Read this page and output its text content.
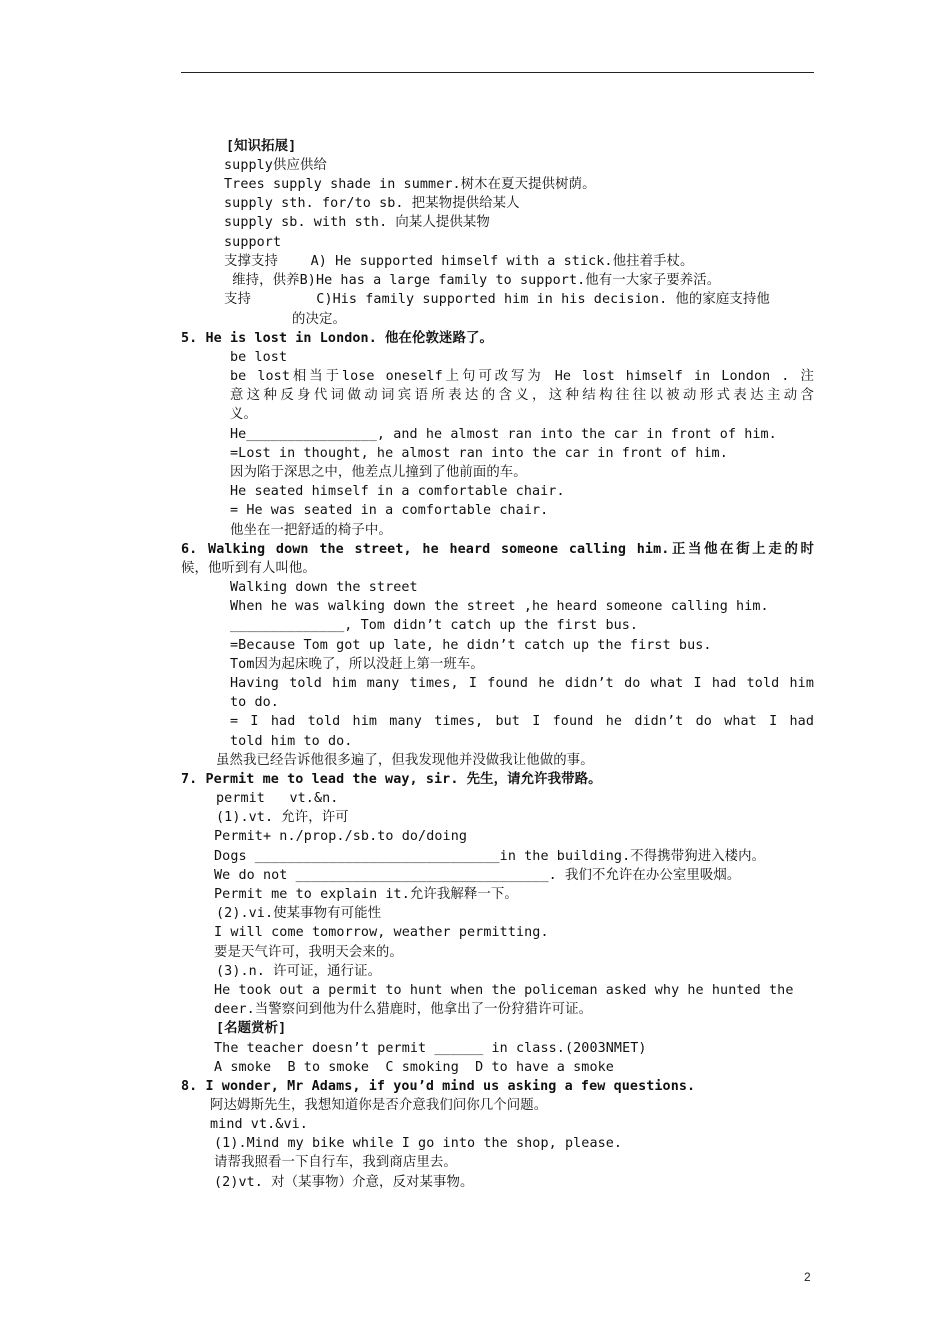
[知识拓展]
supply供应供给
Trees supply shade in summer.树木在夏天提供树荫。
supply sth. for/to sb. 把某物提供给某人
supply sb. with sth. 向某人提供某物
support
支撑支持    A) He supported himself with a stick.他拄着手杖。
维持，供养B)He has a large family to support.他有一大家子要养活。
支持        C)His family supported him in his decision. 他的家庭支持他
的决定。
5. He is lost in London. 他在伦敦迷路了。
be lost
be lost相当于lose oneself上句可改写为 He lost himself in London . 注
意这种反身代词做动词宾语所表达的含义，这种结构往往以被动形式表达主动含
义。
He________________, and he almost ran into the car in front of him.
=Lost in thought, he almost ran into the car in front of him.
因为陷于深思之中，他差点儿撞到了他前面的车。
He seated himself in a comfortable chair.
= He was seated in a comfortable chair.
他坐在一把舒适的椅子中。
6. Walking down the street, he heard someone calling him.正当他在街上走的时
候，他听到有人叫他。
Walking down the street
When he was walking down the street ,he heard someone calling him.
______________, Tom didn’t catch up the first bus.
=Because Tom got up late, he didn’t catch up the first bus.
Tom因为起床晚了，所以没赶上第一班车。
Having told him many times, I found he didn’t do what I had told him
to do.
= I had told him many times, but I found he didn’t do what I had
told him to do.
虽然我已经告诉他很多遍了，但我发现他并没做我让他做的事。
7. Permit me to lead the way, sir. 先生，请允许我带路。
permit   vt.&n.
(1).vt. 允许，许可
Permit+ n./prop./sb.to do/doing
Dogs ______________________________in the building.不得携带狗进入楼内。
We do not _______________________________. 我们不允许在办公室里吸烟。
Permit me to explain it.允许我解释一下。
(2).vi.使某事物有可能性
I will come tomorrow, weather permitting.
要是天气许可，我明天会来的。
(3).n. 许可证，通行证。
He took out a permit to hunt when the policeman asked why he hunted the
deer.当警察问到他为什么猎鹿时，他拿出了一份狩猎许可证。
[名题赏析]
The teacher doesn’t permit ______ in class.(2003NMET)
A smoke  B to smoke  C smoking  D to have a smoke
8. I wonder, Mr Adams, if you’d mind us asking a few questions.
阿达姆斯先生，我想知道你是否介意我们问你几个问题。
mind vt.&vi.
(1).Mind my bike while I go into the shop, please.
请帮我照看一下自行车，我到商店里去。
(2)vt. 对（某事物）介意，反对某事物。
2
